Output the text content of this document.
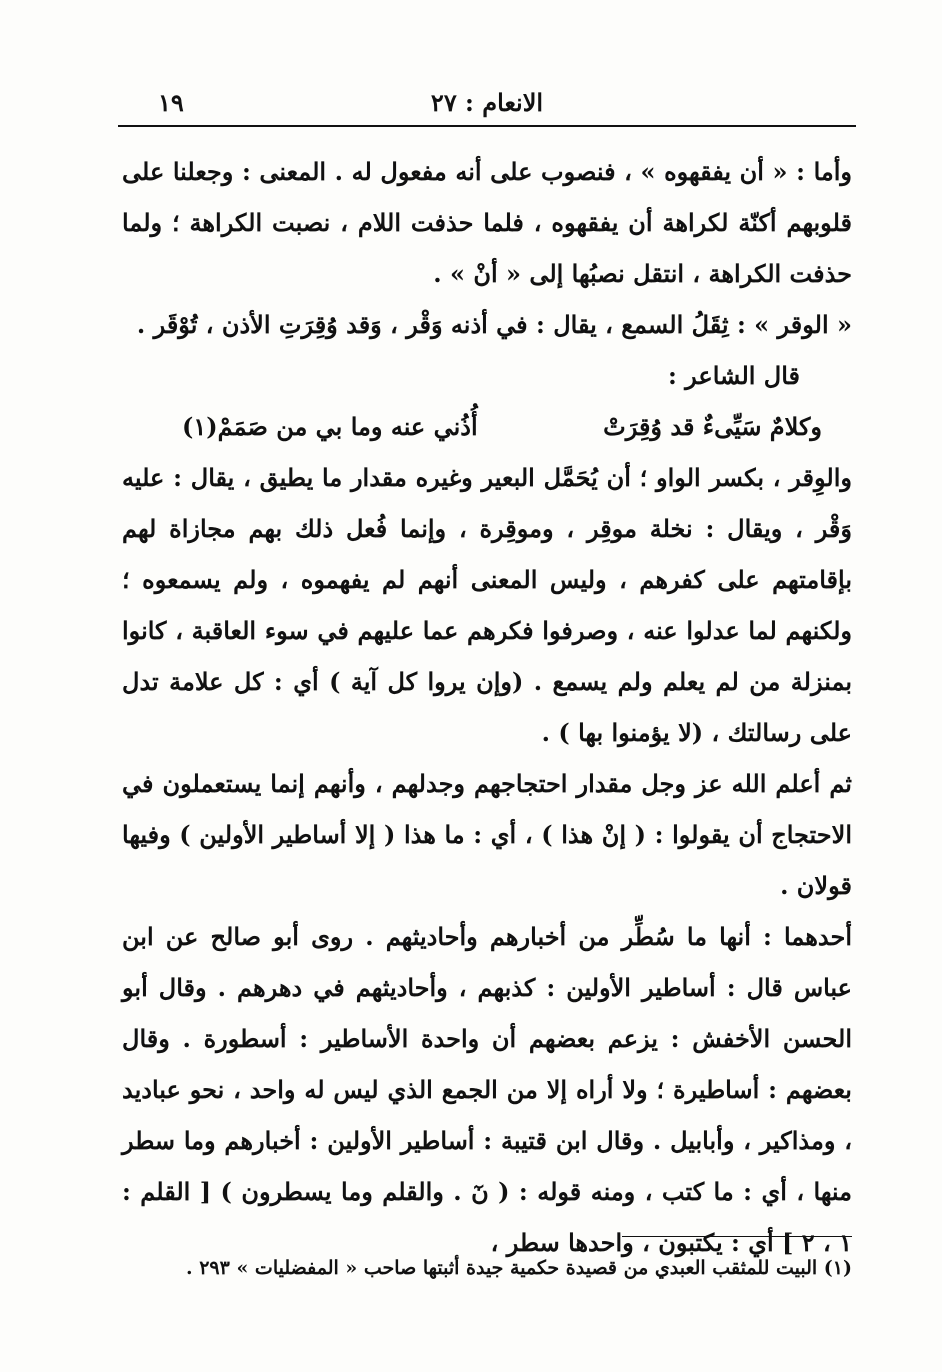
الانعام : ٢٧
١٩

وأما : « أن يفقهوه » ، فنصوب على أنه مفعول له . المعنى : وجعلنا على قلوبهم أكنّة لكراهة أن يفقهوه ، فلما حذفت اللام ، نصبت الكراهة ؛ ولما حذفت الكراهة ، انتقل نصبُها إلى « أنْ » .

« الوقر » : ثِقَلُ السمع ، يقال : في أذنه وَقْر ، وَقد وُقِرَتِ الأذن ، تُوْقَر .

قال الشاعر :

وكلامٌ سَيِّىءٌ قد وُقِرَتْ
أُذُني عنه وما بي من صَمَمْ(١)

والوِقر ، بكسر الواو ؛ أن يُحَمَّل البعير وغيره مقدار ما يطيق ، يقال : عليه وَقْر ، ويقال : نخلة موقِر ، وموقِرة ، وإنما فُعل ذلك بهم مجازاة لهم بإقامتهم على كفرهم ، وليس المعنى أنهم لم يفهموه ، ولم يسمعوه ؛ ولكنهم لما عدلوا عنه ، وصرفوا فكرهم عما عليهم في سوء العاقبة ، كانوا بمنزلة من لم يعلم ولم يسمع . (وإن يروا كل آية ) أي : كل علامة تدل على رسالتك ، (لا يؤمنوا بها ) .

ثم أعلم الله عز وجل مقدار احتجاجهم وجدلهم ، وأنهم إنما يستعملون في الاحتجاج أن يقولوا : ( إنْ هذا ) ، أي : ما هذا ( إلا أساطير الأولين ) وفيها قولان .

أحدهما : أنها ما سُطِّر من أخبارهم وأحاديثهم . روى أبو صالح عن ابن عباس قال : أساطير الأولين : كذبهم ، وأحاديثهم في دهرهم . وقال أبو الحسن الأخفش : يزعم بعضهم أن واحدة الأساطير : أسطورة . وقال بعضهم : أساطيرة ؛ ولا أراه إلا من الجمع الذي ليس له واحد ، نحو عباديد ، ومذاكير ، وأبابيل . وقال ابن قتيبة : أساطير الأولين : أخبارهم وما سطر منها ، أي : ما كتب ، ومنه قوله : ( نٓ . والقلم وما يسطرون ) [ القلم : ١ ، ٢ ] أي : يكتبون ، واحدها سطر ،

(١) البيت للمثقب العبدي من قصيدة حكمية جيدة أثبتها صاحب « المفضليات » ٢٩٣ .
